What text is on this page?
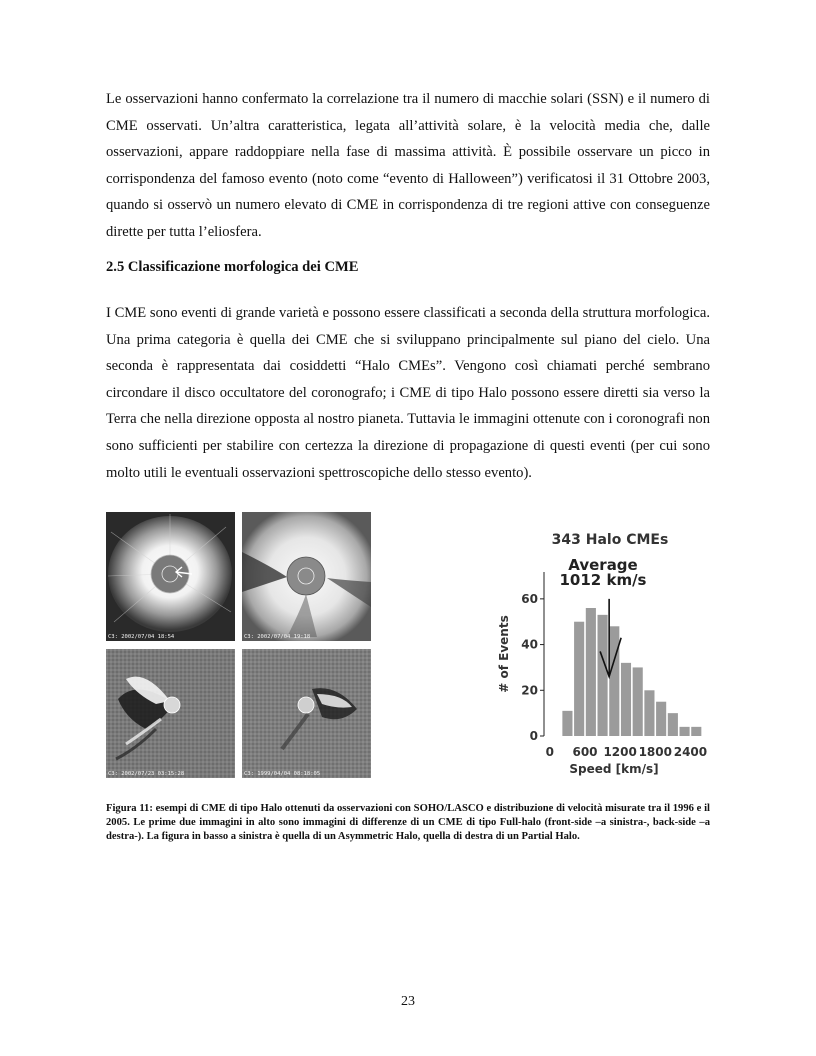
Le osservazioni hanno confermato la correlazione tra il numero di macchie solari (SSN) e il numero di CME osservati. Un’altra caratteristica, legata all’attività solare, è la velocità media che, dalle osservazioni, appare raddoppiare nella fase di massima attività. È possibile osservare un picco in corrispondenza del famoso evento (noto come “evento di Halloween”) verificatosi il 31 Ottobre 2003, quando si osservò un numero elevato di CME in corrispondenza di tre regioni attive con conseguenze dirette per tutta l’eliosfera.

2.5 Classificazione morfologica dei CME

I CME sono eventi di grande varietà e possono essere classificati a seconda della struttura morfologica. Una prima categoria è quella dei CME che si sviluppano principalmente sul piano del cielo. Una seconda è rappresentata dai cosiddetti “Halo CMEs”. Vengono così chiamati perché sembrano circondare il disco occultatore del coronografo; i CME di tipo Halo possono essere diretti sia verso la Terra che nella direzione opposta al nostro pianeta. Tuttavia le immagini ottenute con i coronografi non sono sufficienti per stabilire con certezza la direzione di propagazione di questi eventi (per cui sono molto utili le eventuali osservazioni spettroscopiche dello stesso evento).

C3: 2002/07/04 18:54	C3: 2002/07/04 19:18
C3: 2002/07/23 03:15:28	C3: 1999/04/04 08:18:05
343 Halo CMEs
0
20
40
60
0 600 1200 1800 2400
Average
1012 km/s
# of Events
Speed [km/s]

Figura 11: esempi di CME di tipo Halo ottenuti da osservazioni con SOHO/LASCO e distribuzione di velocità misurate tra il 1996 e il 2005. Le prime due immagini in alto sono immagini di differenze di un CME di tipo Full-halo (front-side –a sinistra-, back-side –a destra-). La figura in basso a sinistra è quella di un Asymmetric Halo, quella di destra di un Partial Halo.

23
